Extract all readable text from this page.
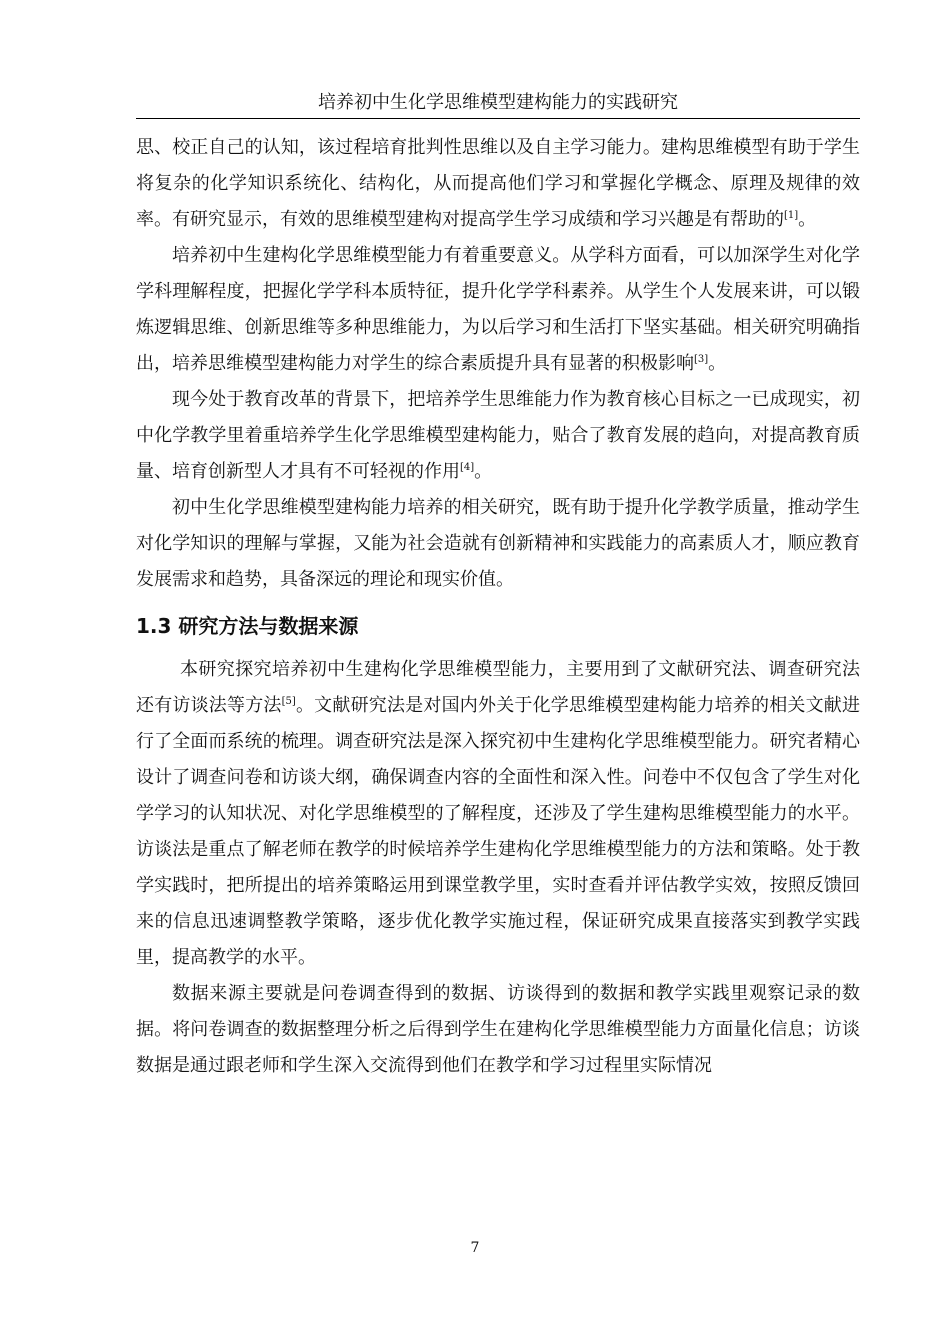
培养初中生化学思维模型建构能力的实践研究

思、校正自己的认知，该过程培育批判性思维以及自主学习能力。建构思维模型有助于学生将复杂的化学知识系统化、结构化，从而提高他们学习和掌握化学概念、原理及规律的效率。有研究显示，有效的思维模型建构对提高学生学习成绩和学习兴趣是有帮助的[1]。

培养初中生建构化学思维模型能力有着重要意义。从学科方面看，可以加深学生对化学学科理解程度，把握化学学科本质特征，提升化学学科素养。从学生个人发展来讲，可以锻炼逻辑思维、创新思维等多种思维能力，为以后学习和生活打下坚实基础。相关研究明确指出，培养思维模型建构能力对学生的综合素质提升具有显著的积极影响[3]。

现今处于教育改革的背景下，把培养学生思维能力作为教育核心目标之一已成现实，初中化学教学里着重培养学生化学思维模型建构能力，贴合了教育发展的趋向，对提高教育质量、培育创新型人才具有不可轻视的作用[4]。

初中生化学思维模型建构能力培养的相关研究，既有助于提升化学教学质量，推动学生对化学知识的理解与掌握，又能为社会造就有创新精神和实践能力的高素质人才，顺应教育发展需求和趋势，具备深远的理论和现实价值。

1.3 研究方法与数据来源

本研究探究培养初中生建构化学思维模型能力，主要用到了文献研究法、调查研究法还有访谈法等方法[5]。文献研究法是对国内外关于化学思维模型建构能力培养的相关文献进行了全面而系统的梳理。调查研究法是深入探究初中生建构化学思维模型能力。研究者精心设计了调查问卷和访谈大纲，确保调查内容的全面性和深入性。问卷中不仅包含了学生对化学学习的认知状况、对化学思维模型的了解程度，还涉及了学生建构思维模型能力的水平。访谈法是重点了解老师在教学的时候培养学生建构化学思维模型能力的方法和策略。处于教学实践时，把所提出的培养策略运用到课堂教学里，实时查看并评估教学实效，按照反馈回来的信息迅速调整教学策略，逐步优化教学实施过程，保证研究成果直接落实到教学实践里，提高教学的水平。

数据来源主要就是问卷调查得到的数据、访谈得到的数据和教学实践里观察记录的数据。将问卷调查的数据整理分析之后得到学生在建构化学思维模型能力方面量化信息；访谈数据是通过跟老师和学生深入交流得到他们在教学和学习过程里实际情况

7
